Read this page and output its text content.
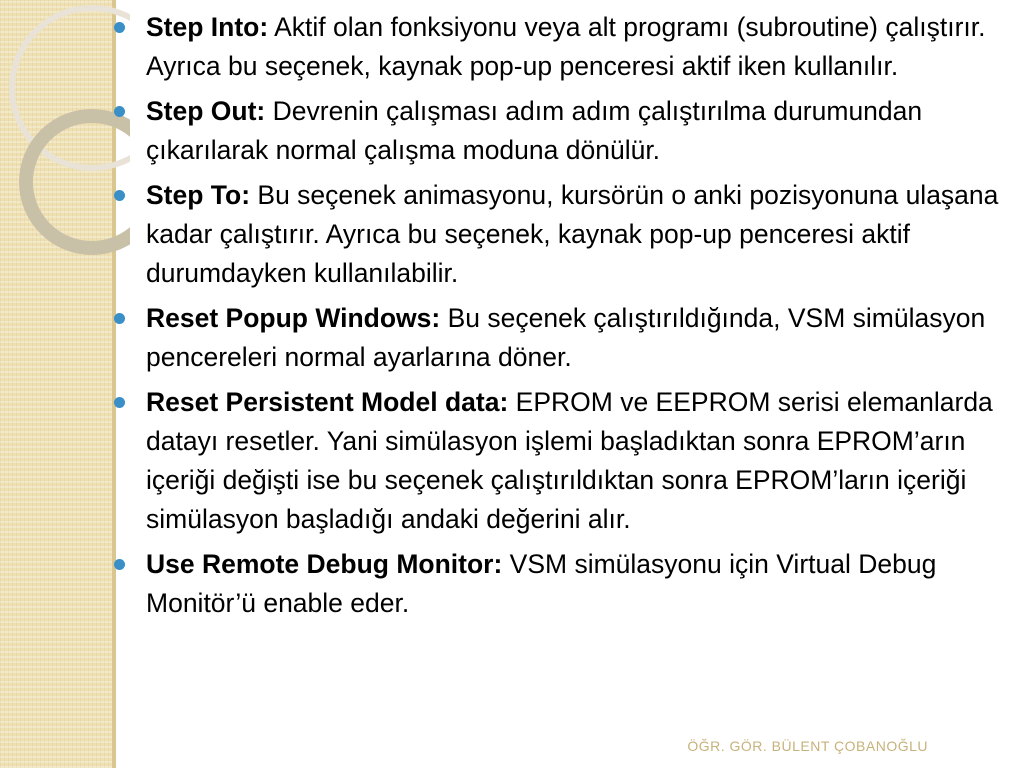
Step Into: Aktif olan fonksiyonu veya alt programı (subroutine) çalıştırır. Ayrıca bu seçenek, kaynak pop-up penceresi aktif iken kullanılır.
Step Out: Devrenin çalışması adım adım çalıştırılma durumundan çıkarılarak normal çalışma moduna dönülür.
Step To: Bu seçenek animasyonu, kursörün o anki pozisyonuna ulaşana kadar çalıştırır. Ayrıca bu seçenek, kaynak pop-up penceresi aktif durumdayken kullanılabilir.
Reset Popup Windows: Bu seçenek çalıştırıldığında, VSM simülasyon pencereleri normal ayarlarına döner.
Reset Persistent Model data: EPROM ve EEPROM serisi elemanlarda datayı resetler. Yani simülasyon işlemi başladıktan sonra EPROM’arın içeriği değişti ise bu seçenek çalıştırıldıktan sonra EPROM’ların içeriği simülasyon başladığı andaki değerini alır.
Use Remote Debug Monitor: VSM simülasyonu için Virtual Debug Monitör’ü enable eder.
ÖĞR. GÖR. BÜLENT ÇOBANOĞLU
